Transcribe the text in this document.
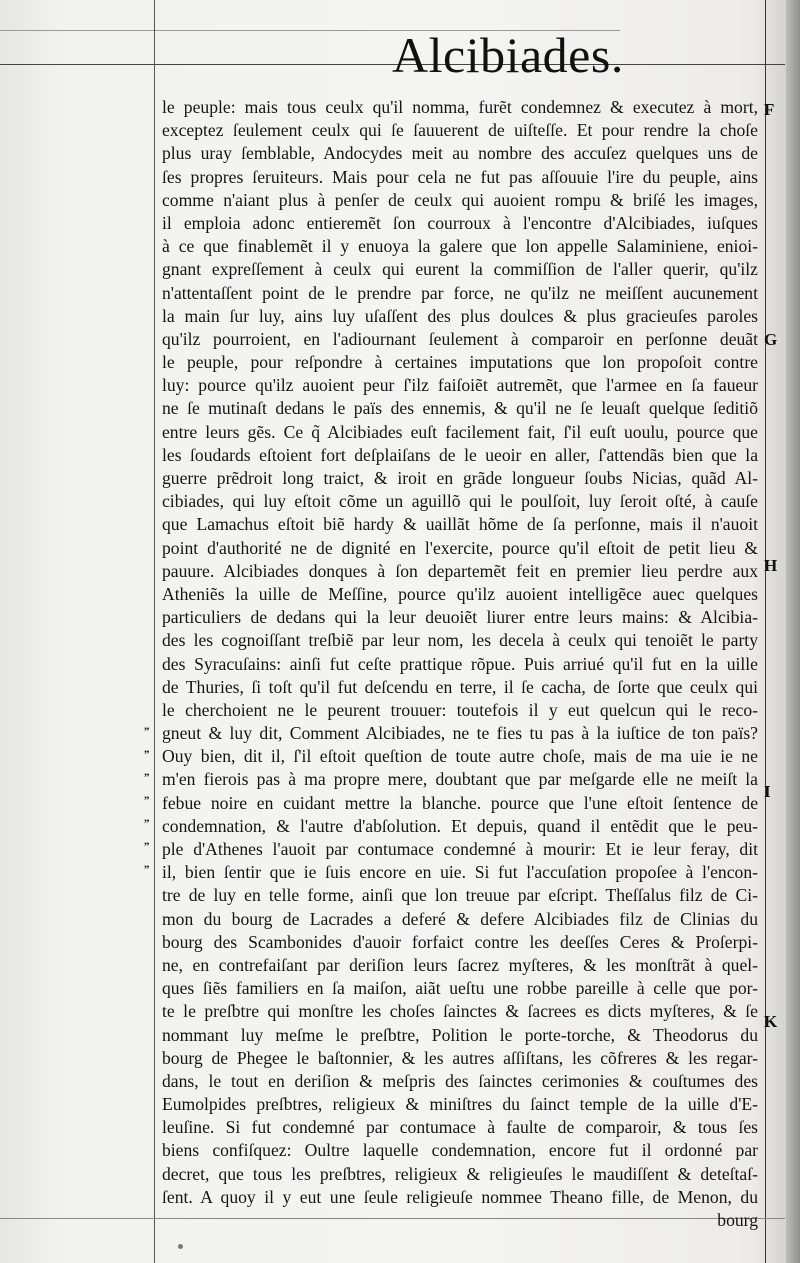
Alcibiades.
le peuple: mais tous ceulx qu'il nomma, furẽt condemnez & executez à mort,
exceptez ſeulement ceulx qui ſe ſauuerent de uiſteſſe. Et pour rendre la choſe
plus uray ſemblable, Andocydes meit au nombre des accuſez quelques uns de
ſes propres ſeruiteurs. Mais pour cela ne fut pas aſſouuie l'ire du peuple, ains
comme n'aiant plus à penſer de ceulx qui auoient rompu & briſé les images,
il emploia adonc entieremẽt ſon courroux à l'encontre d'Alcibiades, iuſques
à ce que finablemẽt il y enuoya la galere que lon appelle Salaminiene, enioi-
gnant expreſſement à ceulx qui eurent la commiſſion de l'aller querir, qu'ilz
n'attentaſſent point de le prendre par force, ne qu'ilz ne meiſſent aucunement
la main ſur luy, ains luy uſaſſent des plus doulces & plus gracieuſes paroles
qu'ilz pourroient, en l'adiournant ſeulement à comparoir en perſonne deuãt
le peuple, pour reſpondre à certaines imputations que lon propoſoit contre
luy: pource qu'ilz auoient peur ſ'ilz faiſoiẽt autremẽt, que l'armee en ſa faueur
ne ſe mutinaſt dedans le païs des ennemis, & qu'il ne ſe leuaſt quelque ſeditiõ
entre leurs gẽs. Ce q̃ Alcibiades euſt facilement fait, ſ'il euſt uoulu, pource que
les ſoudards eſtoient fort deſplaiſans de le ueoir en aller, ſ'attendãs bien que la
guerre prẽdroit long traict, & iroit en grãde longueur ſoubs Nicias, quãd Al-
cibiades, qui luy eſtoit cõme un aguillõ qui le poulſoit, luy ſeroit oſté, à cauſe
que Lamachus eſtoit biẽ hardy & uaillãt hõme de ſa perſonne, mais il n'auoit
point d'authorité ne de dignité en l'exercite, pource qu'il eſtoit de petit lieu &
pauure. Alcibiades donques à ſon departemẽt feit en premier lieu perdre aux
Atheniẽs la uille de Meſſine, pource qu'ilz auoient intelligẽce auec quelques
particuliers de dedans qui la leur deuoiẽt liurer entre leurs mains: & Alcibia-
des les cognoiſſant treſbiẽ par leur nom, les decela à ceulx qui tenoiẽt le party
des Syracuſains: ainſi fut ceſte prattique rõpue. Puis arriué qu'il fut en la uille
de Thuries, ſi toſt qu'il fut deſcendu en terre, il ſe cacha, de ſorte que ceulx qui
le cherchoient ne le peurent trouuer: toutefois il y eut quelcun qui le reco-
gneut & luy dit, Comment Alcibiades, ne te fies tu pas à la iuſtice de ton païs?
Ouy bien, dit il, ſ'il eſtoit queſtion de toute autre choſe, mais de ma uie ie ne
m'en fierois pas à ma propre mere, doubtant que par meſgarde elle ne meiſt la
febue noire en cuidant mettre la blanche. pource que l'une eſtoit ſentence de
condemnation, & l'autre d'abſolution. Et depuis, quand il entẽdit que le peu-
ple d'Athenes l'auoit par contumace condemné à mourir: Et ie leur feray, dit
il, bien ſentir que ie ſuis encore en uie. Si fut l'accuſation propoſee à l'encon-
tre de luy en telle forme, ainſi que lon treuue par eſcript. Theſſalus filz de Ci-
mon du bourg de Lacrades a deferé & defere Alcibiades filz de Clinias du
bourg des Scambonides d'auoir forfaict contre les deeſſes Ceres & Proſerpi-
ne, en contrefaiſant par deriſion leurs ſacrez myſteres, & les monſtrãt à quel-
ques ſiẽs familiers en ſa maiſon, aiãt ueſtu une robbe pareille à celle que por-
te le preſbtre qui monſtre les choſes ſainctes & ſacrees es dicts myſteres, & ſe
nommant luy meſme le preſbtre, Polition le porte-torche, & Theodorus du
bourg de Phegee le baſtonnier, & les autres aſſiſtans, les cõfreres & les regar-
dans, le tout en deriſion & meſpris des ſainctes cerimonies & couſtumes des
Eumolpides preſbtres, religieux & miniſtres du ſainct temple de la uille d'E-
leuſine. Si fut condemné par contumace à faulte de comparoir, & tous ſes
biens confiſquez: Oultre laquelle condemnation, encore fut il ordonné par
decret, que tous les preſbtres, religieux & religieuſes le maudiſſent & deteſtaſ-
ſent. A quoy il y eut une ſeule religieuſe nommee Theano fille, de Menon, du
bourg
F
G
H
I
K
„
„
„
„
„
„
„
